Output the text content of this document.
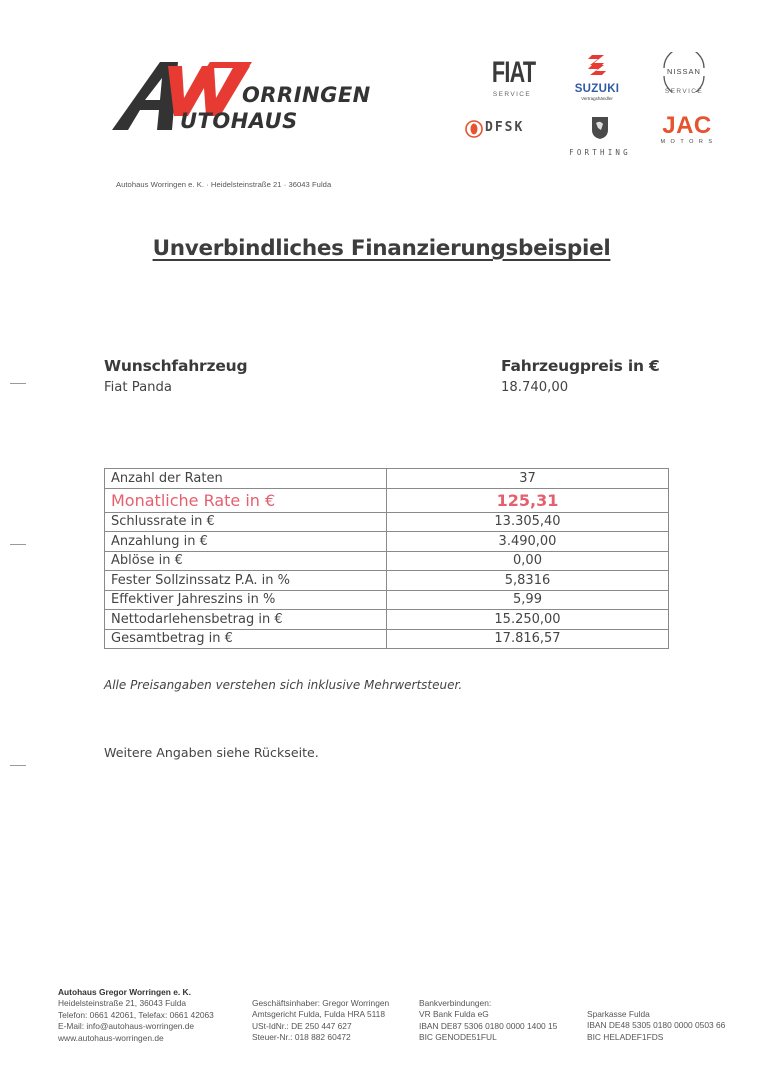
ORRINGEN
UTOHAUS
Autohaus Worringen e. K. · Heidelsteinstraße 21 · 36043 Fulda
FIAT
SERVICE	SUZUKI
Vertragshändler
NISSAN
SERVICE
DFSK
FORTHING
JAC
MOTORS
Unverbindliches Finanzierungsbeispiel
Wunschfahrzeug
Fiat Panda
Fahrzeugpreis in €
18.740,00
Anzahl der Raten	37
Monatliche Rate in €	125,31
Schlussrate in €	13.305,40
Anzahlung in €	3.490,00
Ablöse in €	0,00
Fester Sollzinssatz P.A. in %	5,8316
Effektiver Jahreszins in %	5,99
Nettodarlehensbetrag in €	15.250,00
Gesamtbetrag in €	17.816,57
Alle Preisangaben verstehen sich inklusive Mehrwertsteuer.
Weitere Angaben siehe Rückseite.
Autohaus Gregor Worringen e. K.
Heidelsteinstraße 21, 36043 Fulda
Telefon: 0661 42061, Telefax: 0661 42063
E-Mail: info@autohaus-worringen.de
www.autohaus-worringen.de
Geschäftsinhaber: Gregor Worringen
Amtsgericht Fulda, Fulda HRA 5118
USt-IdNr.: DE 250 447 627
Steuer-Nr.: 018 882 60472
Bankverbindungen:
VR Bank Fulda eG
IBAN DE87 5306 0180 0000 1400 15
BIC GENODE51FUL
Sparkasse Fulda
IBAN DE48 5305 0180 0000 0503 66
BIC HELADEF1FDS
